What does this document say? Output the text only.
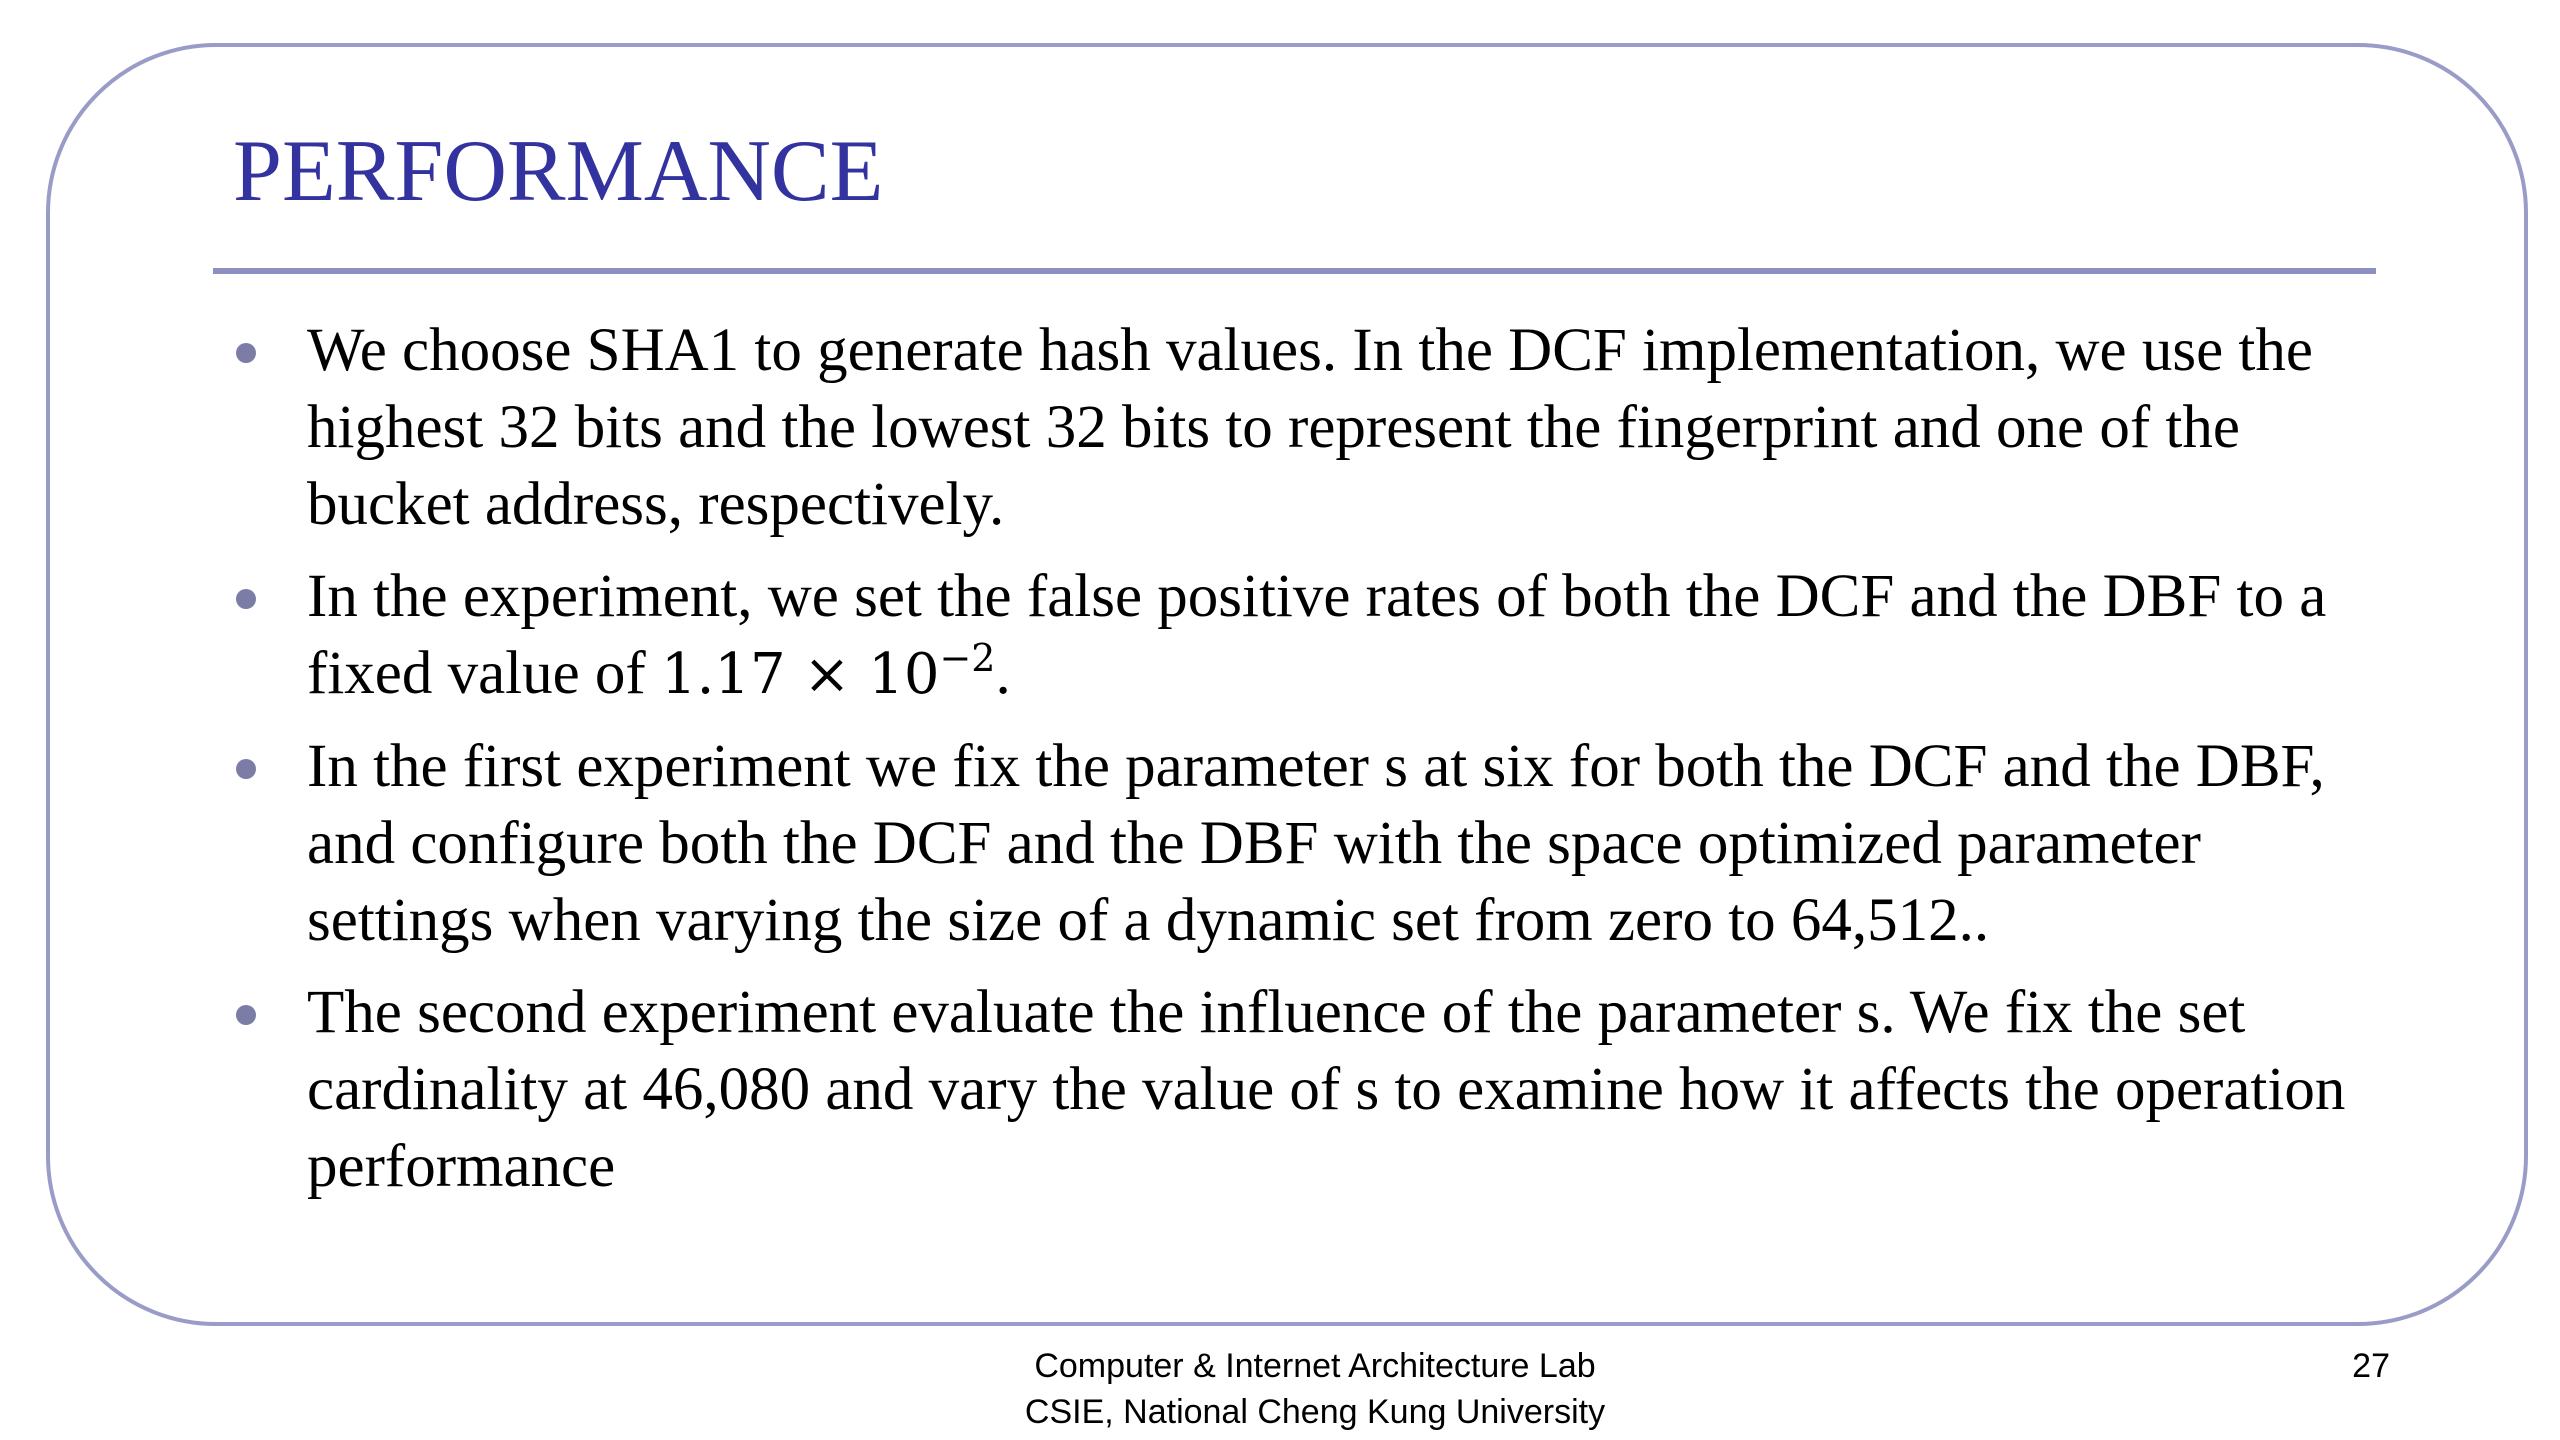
PERFORMANCE
We choose SHA1 to generate hash values. In the DCF implementation, we use the highest 32 bits and the lowest 32 bits to represent the fingerprint and one of the bucket address, respectively.
In the experiment, we set the false positive rates of both the DCF and the DBF to a fixed value of $1.17 \times 10^{-2}$.
In the first experiment we fix the parameter s at six for both the DCF and the DBF, and configure both the DCF and the DBF with the space optimized parameter settings when varying the size of a dynamic set from zero to 64,512..
The second experiment evaluate the influence of the parameter s. We fix the set cardinality at 46,080 and vary the value of s to examine how it affects the operation performance
Computer & Internet Architecture Lab
CSIE, National Cheng Kung University
27
